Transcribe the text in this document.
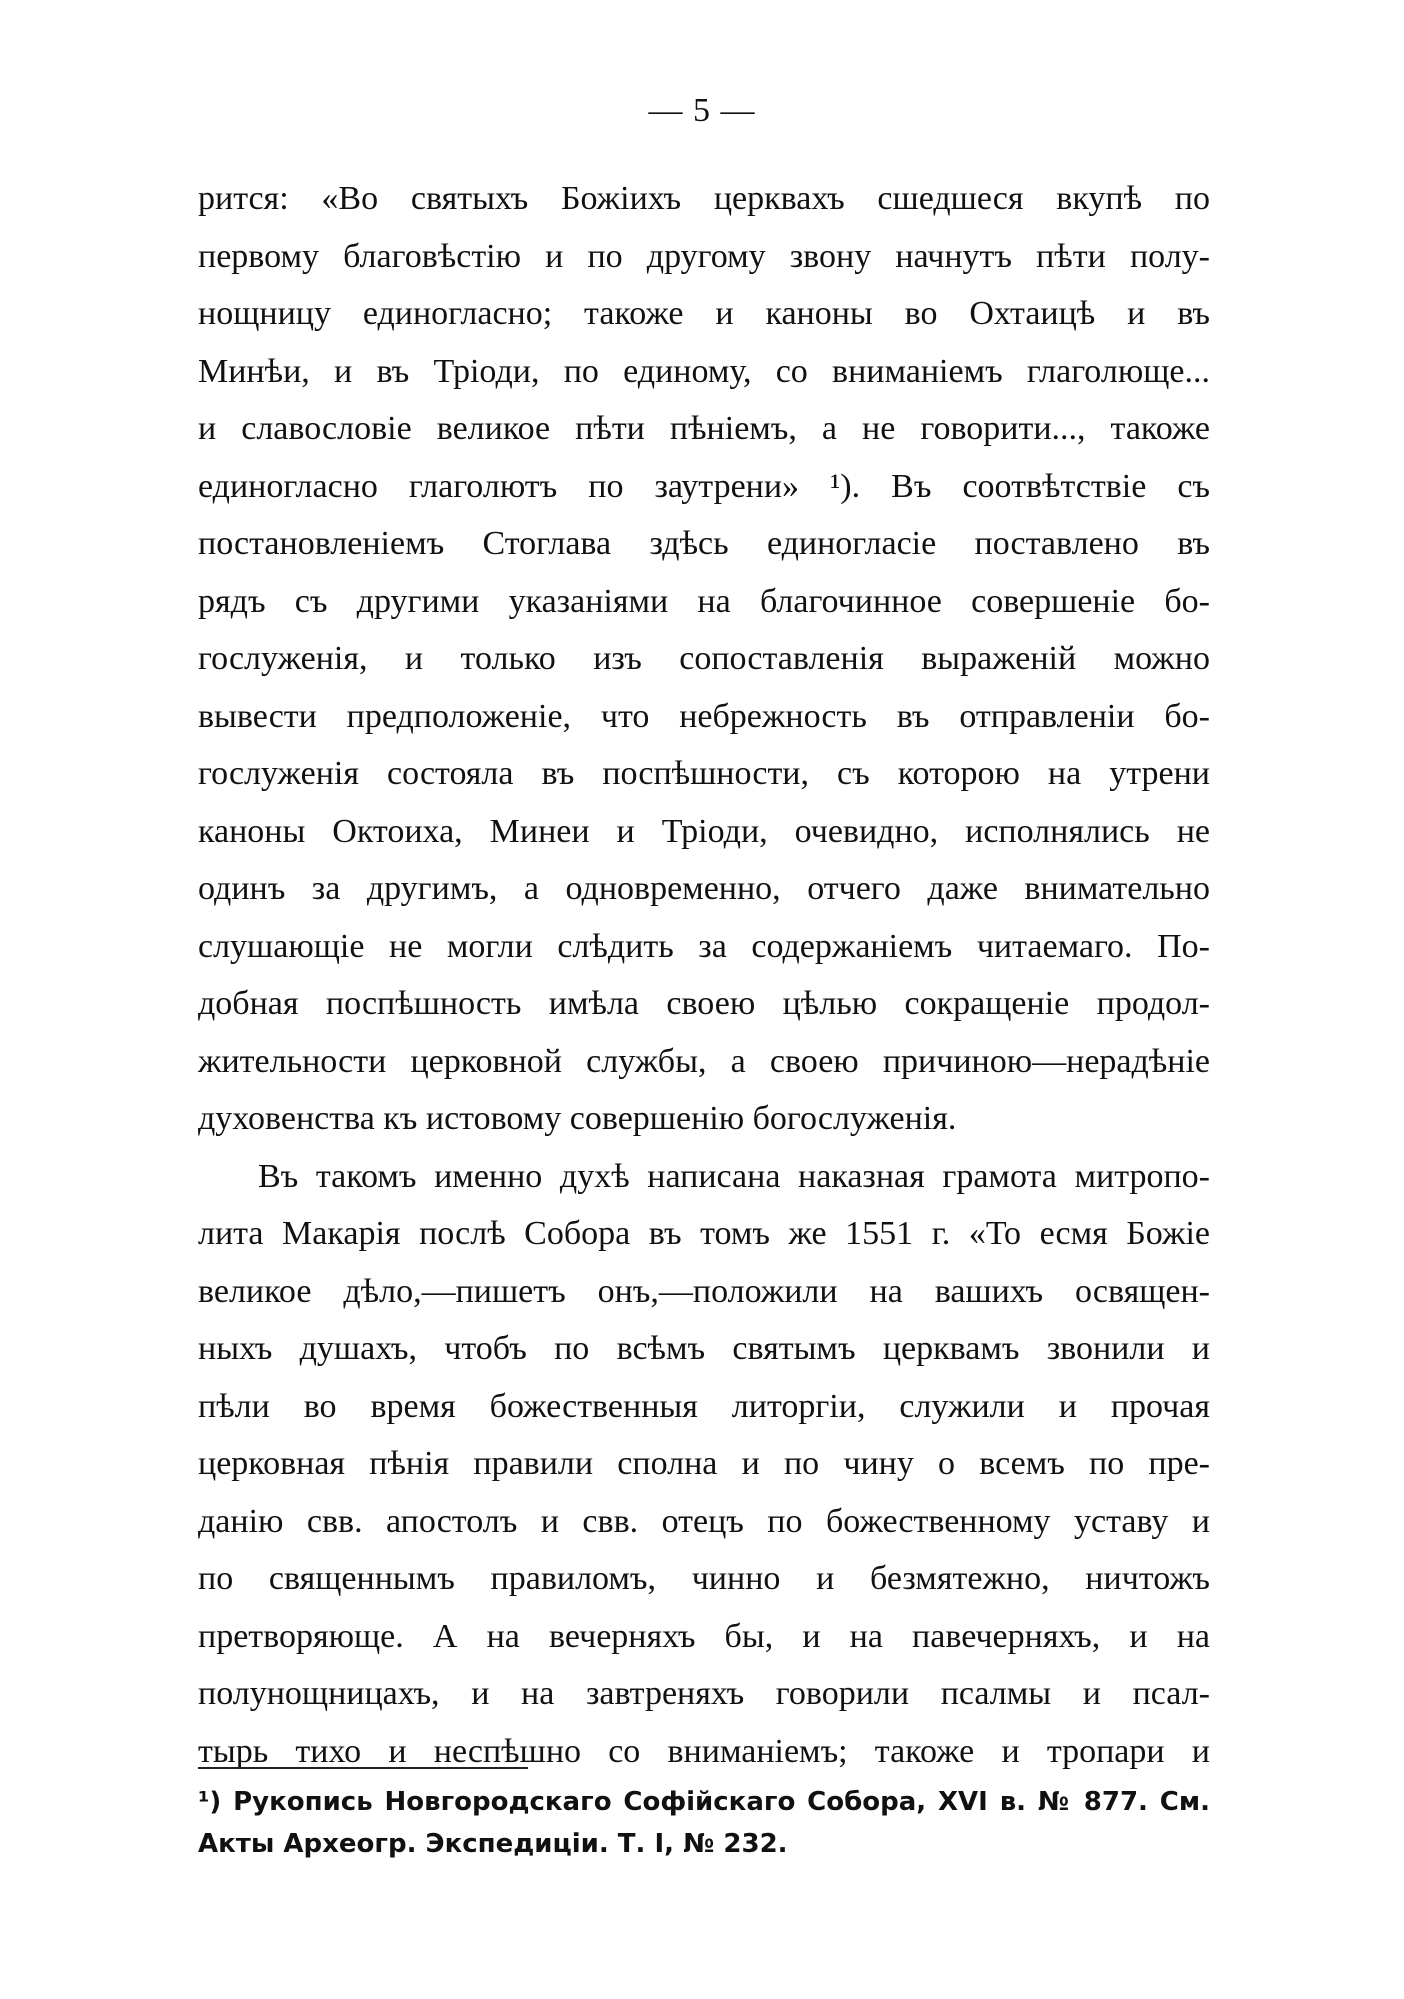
— 5 —
рится: «Во святыхъ Божіихъ церквахъ сшедшеся вкупѣ по
первому благовѣстію и по другому звону начнутъ пѣти полу-
нощницу единогласно; такоже и каноны во Охтаицѣ и въ
Минѣи, и въ Тріоди, по единому, со вниманіемъ глаголюще...
и славословіе великое пѣти пѣніемъ, а не говорити..., такоже
единогласно глаголютъ по заутрени» ¹). Въ соотвѣтствіе съ
постановленіемъ Стоглава здѣсь единогласіе поставлено въ
рядъ съ другими указаніями на благочинное совершеніе бо-
гослуженія, и только изъ сопоставленія выраженій можно
вывести предположеніе, что небрежность въ отправленіи бо-
гослуженія состояла въ поспѣшности, съ которою на утрени
каноны Октоиха, Минеи и Тріоди, очевидно, исполнялись не
одинъ за другимъ, а одновременно, отчего даже внимательно
слушающіе не могли слѣдить за содержаніемъ читаемаго. По-
добная поспѣшность имѣла своею цѣлью сокращеніе продол-
жительности церковной службы, а своею причиною—нерадѣніе
духовенства къ истовому совершенію богослуженія.
Въ такомъ именно духѣ написана наказная грамота митропо-
лита Макарія послѣ Собора въ томъ же 1551 г. «То есмя Божіе
великое дѣло,—пишетъ онъ,—положили на вашихъ освящен-
ныхъ душахъ, чтобъ по всѣмъ святымъ церквамъ звонили и
пѣли во время божественныя литоргіи, служили и прочая
церковная пѣнія правили сполна и по чину о всемъ по пре-
данію свв. апостолъ и свв. отецъ по божественному уставу и
по священнымъ правиломъ, чинно и безмятежно, ничтожъ
претворяюще. А на вечерняхъ бы, и на павечерняхъ, и на
полунощницахъ, и на завтреняхъ говорили псалмы и псал-
тырь тихо и неспѣшно со вниманіемъ; такоже и тропари и
¹) Рукопись Новгородскаго Софійскаго Собора, XVI в. № 877. См.
Акты Археогр. Экспедиціи. Т. I, № 232.
